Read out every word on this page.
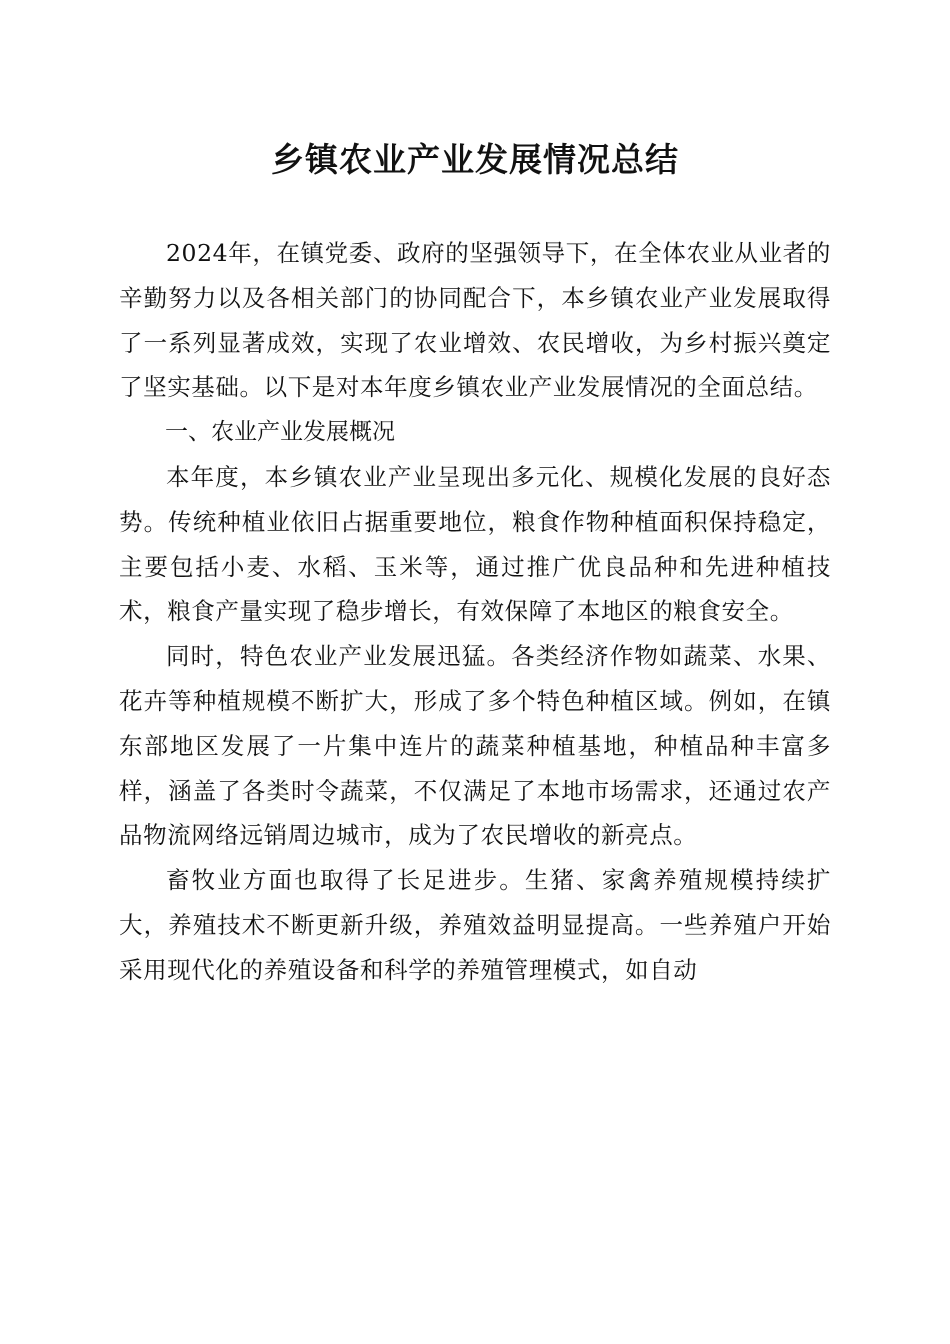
乡镇农业产业发展情况总结

2024年，在镇党委、政府的坚强领导下，在全体农业从业者的辛勤努力以及各相关部门的协同配合下，本乡镇农业产业发展取得了一系列显著成效，实现了农业增效、农民增收，为乡村振兴奠定了坚实基础。以下是对本年度乡镇农业产业发展情况的全面总结。

一、农业产业发展概况

本年度，本乡镇农业产业呈现出多元化、规模化发展的良好态势。传统种植业依旧占据重要地位，粮食作物种植面积保持稳定，主要包括小麦、水稻、玉米等，通过推广优良品种和先进种植技术，粮食产量实现了稳步增长，有效保障了本地区的粮食安全。

同时，特色农业产业发展迅猛。各类经济作物如蔬菜、水果、花卉等种植规模不断扩大，形成了多个特色种植区域。例如，在镇东部地区发展了一片集中连片的蔬菜种植基地，种植品种丰富多样，涵盖了各类时令蔬菜，不仅满足了本地市场需求，还通过农产品物流网络远销周边城市，成为了农民增收的新亮点。

畜牧业方面也取得了长足进步。生猪、家禽养殖规模持续扩大，养殖技术不断更新升级，养殖效益明显提高。一些养殖户开始采用现代化的养殖设备和科学的养殖管理模式，如自动
